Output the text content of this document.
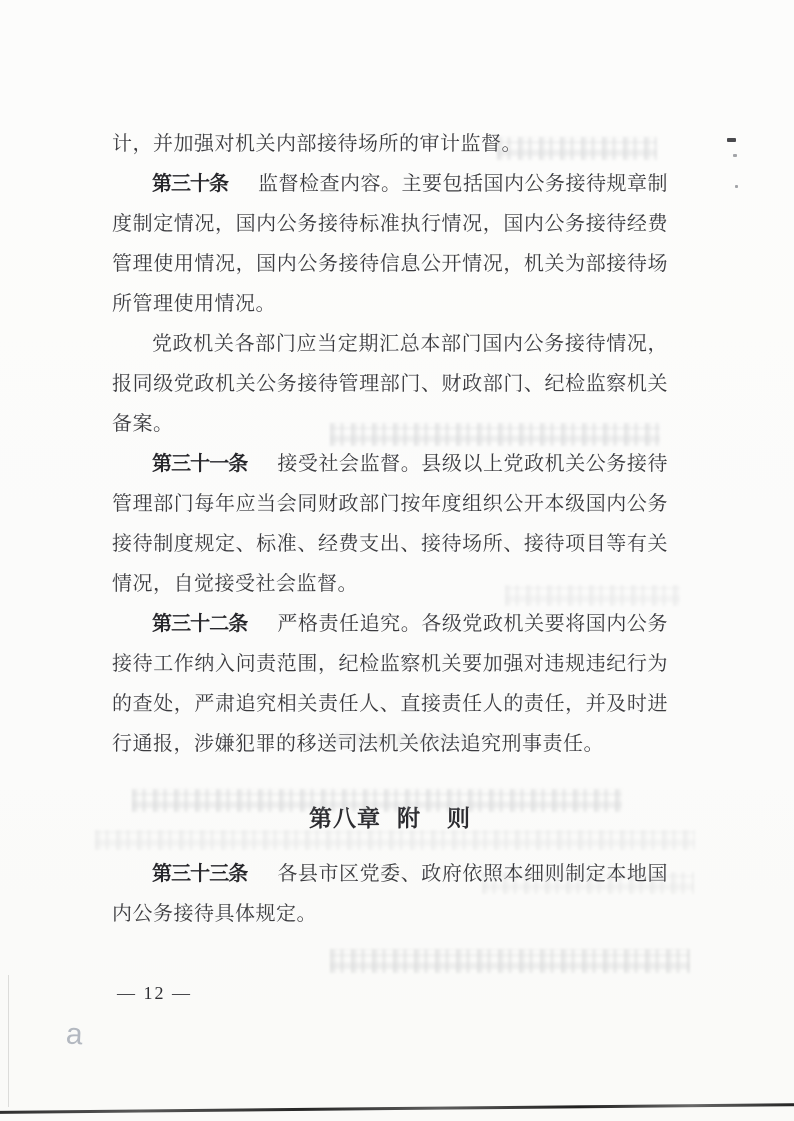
计，并加强对机关内部接待场所的审计监督。

第三十条 监督检查内容。主要包括国内公务接待规章制度制定情况，国内公务接待标准执行情况，国内公务接待经费管理使用情况，国内公务接待信息公开情况，机关为部接待场所管理使用情况。

党政机关各部门应当定期汇总本部门国内公务接待情况，报同级党政机关公务接待管理部门、财政部门、纪检监察机关备案。

第三十一条 接受社会监督。县级以上党政机关公务接待管理部门每年应当会同财政部门按年度组织公开本级国内公务接待制度规定、标准、经费支出、接待场所、接待项目等有关情况，自觉接受社会监督。

第三十二条 严格责任追究。各级党政机关要将国内公务接待工作纳入问责范围，纪检监察机关要加强对违规违纪行为的查处，严肃追究相关责任人、直接责任人的责任，并及时进行通报，涉嫌犯罪的移送司法机关依法追究刑事责任。

第八章 附 则

第三十三条 各县市区党委、政府依照本细则制定本地国内公务接待具体规定。

— 12 —
a
